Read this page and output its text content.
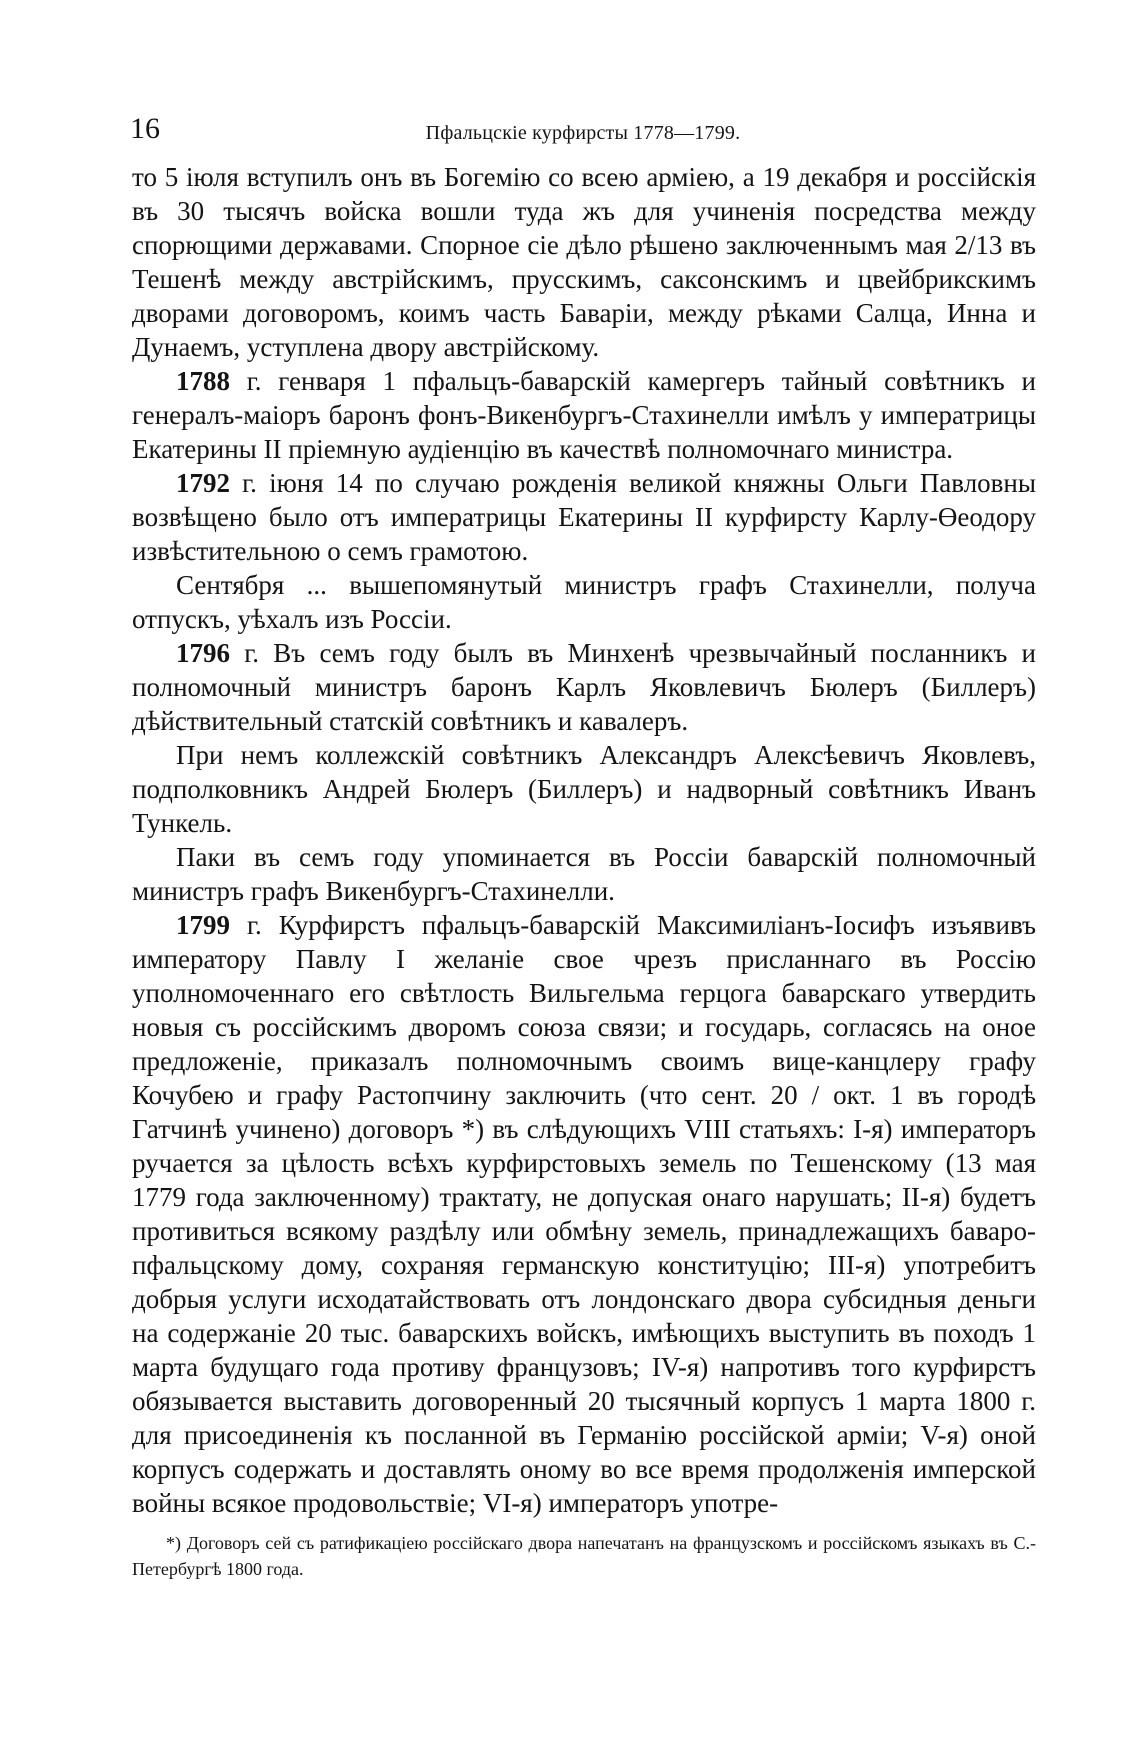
16	Пфальцскіе курфирсты 1778—1799.

то 5 іюля вступилъ онъ въ Богемію со всею арміею, а 19 декабря и россійскія въ 30 тысячъ войска вошли туда жъ для учиненія посредства между спорющими державами. Спорное сіе дѣло рѣшено заключеннымъ мая 2/13 въ Тешенѣ между австрійскимъ, прусскимъ, саксонскимъ и цвейбрикскимъ дворами договоромъ, коимъ часть Баваріи, между рѣками Салца, Инна и Дунаемъ, уступлена двору австрійскому.

1788 г. генваря 1 пфальцъ-баварскій камергеръ тайный совѣтникъ и генералъ-маіоръ баронъ фонъ-Викенбургъ-Стахинелли имѣлъ у императрицы Екатерины II пріемную аудіенцію въ качествѣ полномочнаго министра.

1792 г. іюня 14 по случаю рожденія великой княжны Ольги Павловны возвѣщено было отъ императрицы Екатерины II курфирсту Карлу-Өеодору извѣстительною о семъ грамотою.

Сентября ... вышепомянутый министръ графъ Стахинелли, получа отпускъ, уѣхалъ изъ Россіи.

1796 г. Въ семъ году былъ въ Минхенѣ чрезвычайный посланникъ и полномочный министръ баронъ Карлъ Яковлевичъ Бюлеръ (Биллеръ) дѣйствительный статскій совѣтникъ и кавалеръ.

При немъ коллежскій совѣтникъ Александръ Алексѣевичъ Яковлевъ, подполковникъ Андрей Бюлеръ (Биллеръ) и надворный совѣтникъ Иванъ Тункель.

Паки въ семъ году упоминается въ Россіи баварскій полномочный министръ графъ Викенбургъ-Стахинелли.

1799 г. Курфирстъ пфальцъ-баварскій Максимиліанъ-Іосифъ изъявивъ императору Павлу I желаніе свое чрезъ присланнаго въ Россію уполномоченнаго его свѣтлость Вильгельма герцога баварскаго утвердить новыя съ россійскимъ дворомъ союза связи; и государь, согласясь на оное предложеніе, приказалъ полномочнымъ своимъ вице-канцлеру графу Кочубею и графу Растопчину заключить (что сент. 20 / окт. 1 въ городѣ Гатчинѣ учинено) договоръ *) въ слѣдующихъ VIII статьяхъ: І-я) императоръ ручается за цѣлость всѣхъ курфирстовыхъ земель по Тешенскому (13 мая 1779 года заключенному) трактату, не допуская онаго нарушать; II-я) будетъ противиться всякому раздѣлу или обмѣну земель, принадлежащихъ баваро-пфальцскому дому, сохраняя германскую конституцію; III-я) употребитъ добрыя услуги исходатайствовать отъ лондонскаго двора субсидныя деньги на содержаніе 20 тыс. баварскихъ войскъ, имѣющихъ выступить въ походъ 1 марта будущаго года противу французовъ; IV-я) напротивъ того курфирстъ обязывается выставить договоренный 20 тысячный корпусъ 1 марта 1800 г. для присоединенія къ посланной въ Германію россійской арміи; V-я) оной корпусъ содержать и доставлять оному во все время продолженія имперской войны всякое продовольствіе; VI-я) императоръ употре-

*) Договоръ сей съ ратификаціею россійскаго двора напечатанъ на французскомъ и россійскомъ языкахъ въ С.-Петербургѣ 1800 года.
